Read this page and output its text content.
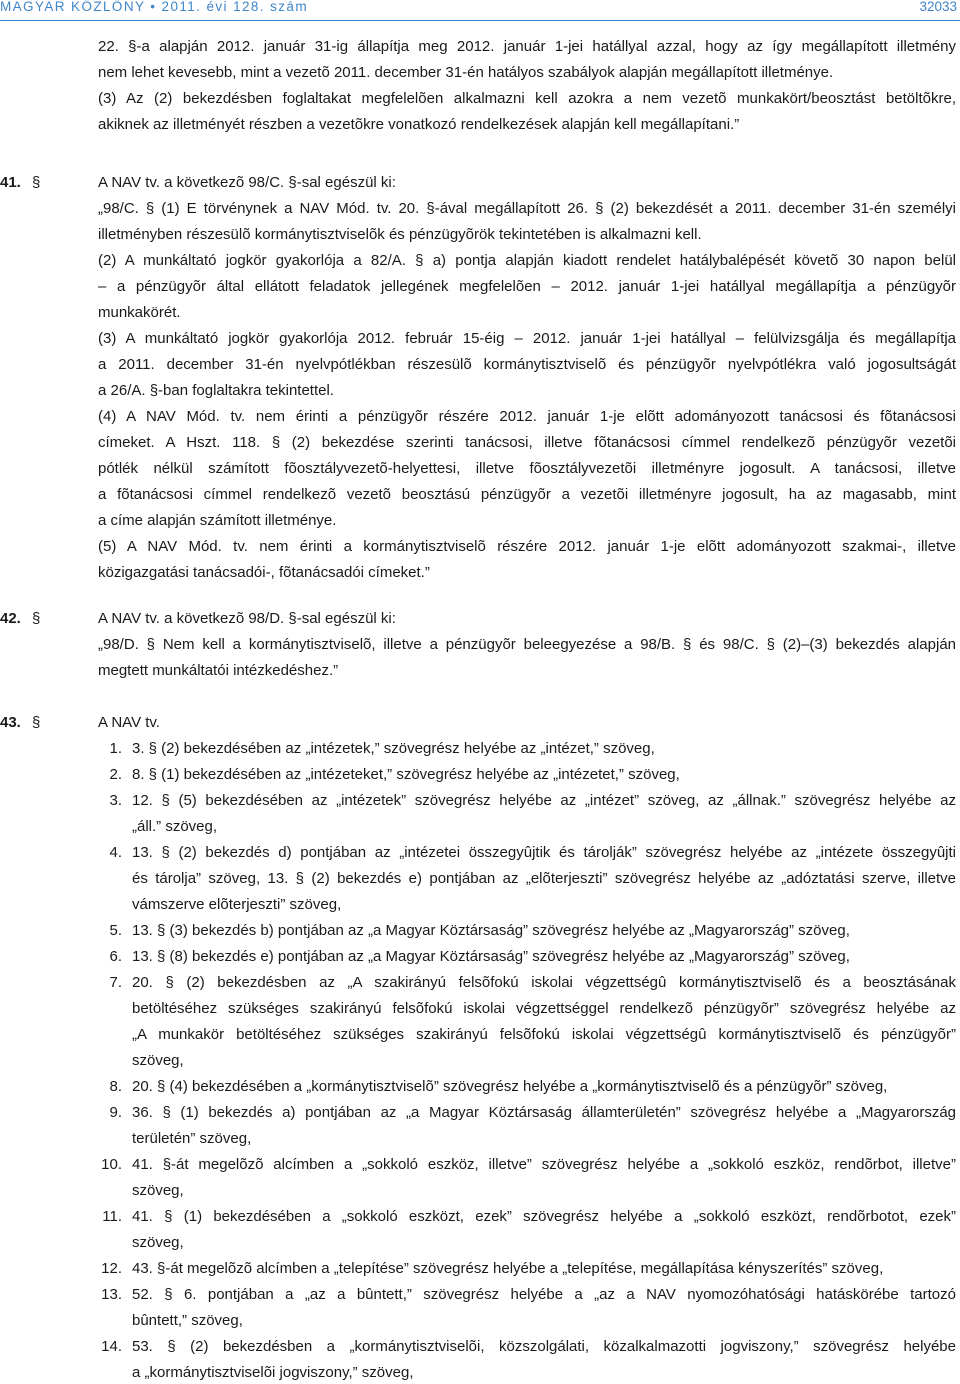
MAGYAR KÖZLÖNY • 2011. évi 128. szám	32033
22. §-a alapján 2012. január 31-ig állapítja meg 2012. január 1-jei hatállyal azzal, hogy az így megállapított illetmény
nem lehet kevesebb, mint a vezetõ 2011. december 31-én hatályos szabályok alapján megállapított illetménye.
(3) Az (2) bekezdésben foglaltakat megfelelõen alkalmazni kell azokra a nem vezetõ munkakört/beosztást betöltõkre,
akiknek az illetményét részben a vezetõkre vonatkozó rendelkezések alapján kell megállapítani.”
41. §	A NAV tv. a következõ 98/C. §-sal egészül ki:
„98/C. § (1) E törvénynek a NAV Mód. tv. 20. §-ával megállapított 26. § (2) bekezdését a 2011. december 31-én személyi
illetményben részesülõ kormánytisztviselõk és pénzügyõrök tekintetében is alkalmazni kell.
(2) A munkáltató jogkör gyakorlója a 82/A. § a) pontja alapján kiadott rendelet hatálybalépését követõ 30 napon belül
– a pénzügyõr által ellátott feladatok jellegének megfelelõen – 2012. január 1-jei hatállyal megállapítja a pénzügyõr
munkakörét.
(3) A munkáltató jogkör gyakorlója 2012. február 15-éig – 2012. január 1-jei hatállyal – felülvizsgálja és megállapítja
a 2011. december 31-én nyelvpótlékban részesülõ kormánytisztviselõ és pénzügyõr nyelvpótlékra való jogosultságát
a 26/A. §-ban foglaltakra tekintettel.
(4) A NAV Mód. tv. nem érinti a pénzügyõr részére 2012. január 1-je elõtt adományozott tanácsosi és fõtanácsosi
címeket. A Hszt. 118. § (2) bekezdése szerinti tanácsosi, illetve fõtanácsosi címmel rendelkezõ pénzügyõr vezetõi
pótlék nélkül számított fõosztályvezetõ-helyettesi, illetve fõosztályvezetõi illetményre jogosult. A tanácsosi, illetve
a fõtanácsosi címmel rendelkezõ vezetõ beosztású pénzügyõr a vezetõi illetményre jogosult, ha az magasabb, mint
a címe alapján számított illetménye.
(5) A NAV Mód. tv. nem érinti a kormánytisztviselõ részére 2012. január 1-je elõtt adományozott szakmai-, illetve
közigazgatási tanácsadói-, fõtanácsadói címeket.”
42. §	A NAV tv. a következõ 98/D. §-sal egészül ki:
„98/D. § Nem kell a kormánytisztviselõ, illetve a pénzügyõr beleegyezése a 98/B. § és 98/C. § (2)–(3) bekezdés alapján
megtett munkáltatói intézkedéshez.”
43. §	A NAV tv.
1. 3. § (2) bekezdésében az „intézetek,” szövegrész helyébe az „intézet,” szöveg,
2. 8. § (1) bekezdésében az „intézeteket,” szövegrész helyébe az „intézetet,” szöveg,
3. 12. § (5) bekezdésében az „intézetek” szövegrész helyébe az „intézet” szöveg, az „állnak.” szövegrész helyébe az
„áll.” szöveg,
4. 13. § (2) bekezdés d) pontjában az „intézetei összegyûjtik és tárolják” szövegrész helyébe az „intézete összegyûjti
és tárolja” szöveg, 13. § (2) bekezdés e) pontjában az „elõterjeszti” szövegrész helyébe az „adóztatási szerve, illetve
vámszerve elõterjeszti” szöveg,
5. 13. § (3) bekezdés b) pontjában az „a Magyar Köztársaság” szövegrész helyébe az „Magyarország” szöveg,
6. 13. § (8) bekezdés e) pontjában az „a Magyar Köztársaság” szövegrész helyébe az „Magyarország” szöveg,
7. 20. § (2) bekezdésben az „A szakirányú felsõfokú iskolai végzettségû kormánytisztviselõ és a beosztásának
betöltéséhez szükséges szakirányú felsõfokú iskolai végzettséggel rendelkezõ pénzügyõr” szövegrész helyébe az
„A munkakör betöltéséhez szükséges szakirányú felsõfokú iskolai végzettségû kormánytisztviselõ és pénzügyõr”
szöveg,
8. 20. § (4) bekezdésében a „kormánytisztviselõ” szövegrész helyébe a „kormánytisztviselõ és a pénzügyõr” szöveg,
9. 36. § (1) bekezdés a) pontjában az „a Magyar Köztársaság államterületén” szövegrész helyébe a „Magyarország
területén” szöveg,
10. 41. §-át megelõzõ alcímben a „sokkoló eszköz, illetve” szövegrész helyébe a „sokkoló eszköz, rendõrbot, illetve”
szöveg,
11. 41. § (1) bekezdésében a „sokkoló eszközt, ezek” szövegrész helyébe a „sokkoló eszközt, rendõrbotot, ezek”
szöveg,
12. 43. §-át megelõzõ alcímben a „telepítése” szövegrész helyébe a „telepítése, megállapítása kényszerítés” szöveg,
13. 52. § 6. pontjában a „az a bûntett,” szövegrész helyébe a „az a NAV nyomozóhatósági hatáskörébe tartozó
bûntett,” szöveg,
14. 53. § (2) bekezdésben a „kormánytisztviselõi, közszolgálati, közalkalmazotti jogviszony,” szövegrész helyébe
a „kormánytisztviselõi jogviszony,” szöveg,
